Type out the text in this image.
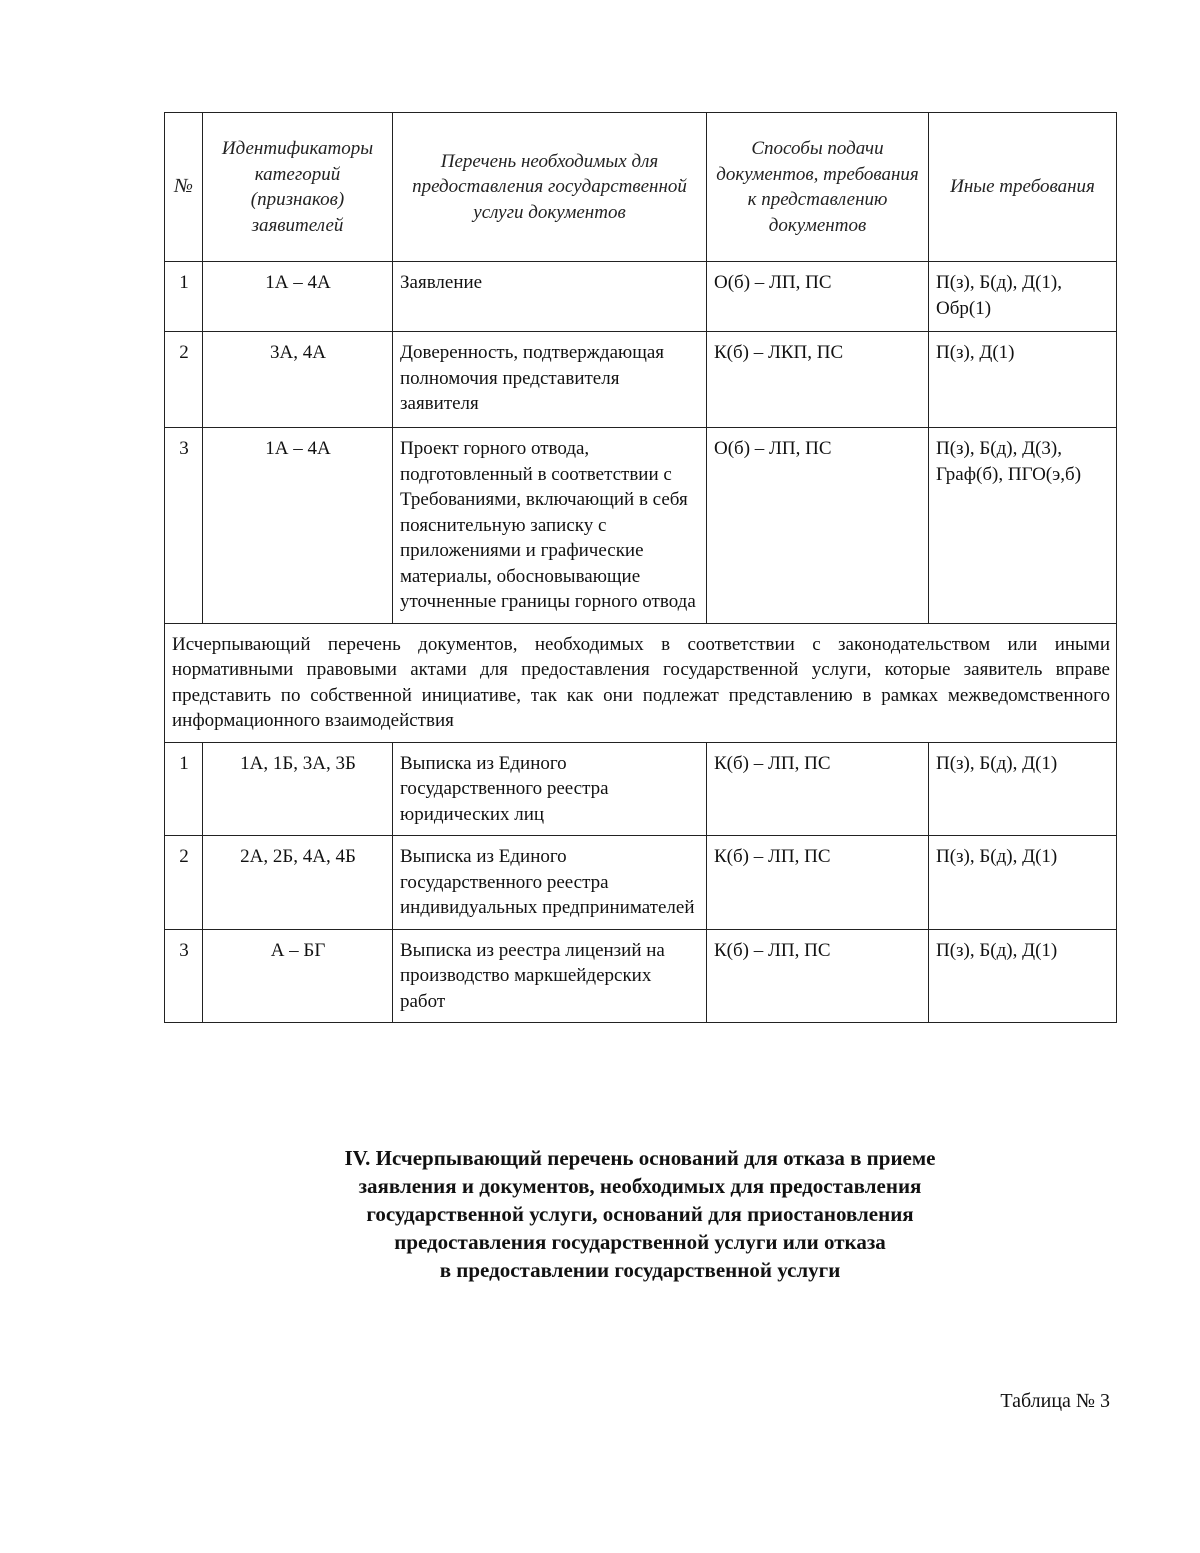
№	Идентификаторы категорий (признаков) заявителей	Перечень необходимых для предоставления государственной услуги документов	Способы подачи документов, требования к представлению документов	Иные требования
1	1А – 4А	Заявление	О(б) – ЛП, ПС	П(з), Б(д), Д(1), Обр(1)
2	3А, 4А	Доверенность, подтверждающая полномочия представителя заявителя	К(б) – ЛКП, ПС	П(з), Д(1)
3	1А – 4А	Проект горного отвода, подготовленный в соответствии с Требованиями, включающий в себя пояснительную записку с приложениями и графические материалы, обосновывающие уточненные границы горного отвода	О(б) – ЛП, ПС	П(з), Б(д), Д(3), Граф(б), ПГО(э,б)
Исчерпывающий перечень документов, необходимых в соответствии с законодательством или иными нормативными правовыми актами для предоставления государственной услуги, которые заявитель вправе представить по собственной инициативе, так как они подлежат представлению в рамках межведомственного информационного взаимодействия				
1	1А, 1Б, 3А, 3Б	Выписка из Единого государственного реестра юридических лиц	К(б) – ЛП, ПС	П(з), Б(д), Д(1)
2	2А, 2Б, 4А, 4Б	Выписка из Единого государственного реестра индивидуальных предпринимателей	К(б) – ЛП, ПС	П(з), Б(д), Д(1)
3	А – БГ	Выписка из реестра лицензий на производство маркшейдерских работ	К(б) – ЛП, ПС	П(з), Б(д), Д(1)
IV. Исчерпывающий перечень оснований для отказа в приеме
заявления и документов, необходимых для предоставления
государственной услуги, оснований для приостановления
предоставления государственной услуги или отказа
в предоставлении государственной услуги
Таблица № 3
